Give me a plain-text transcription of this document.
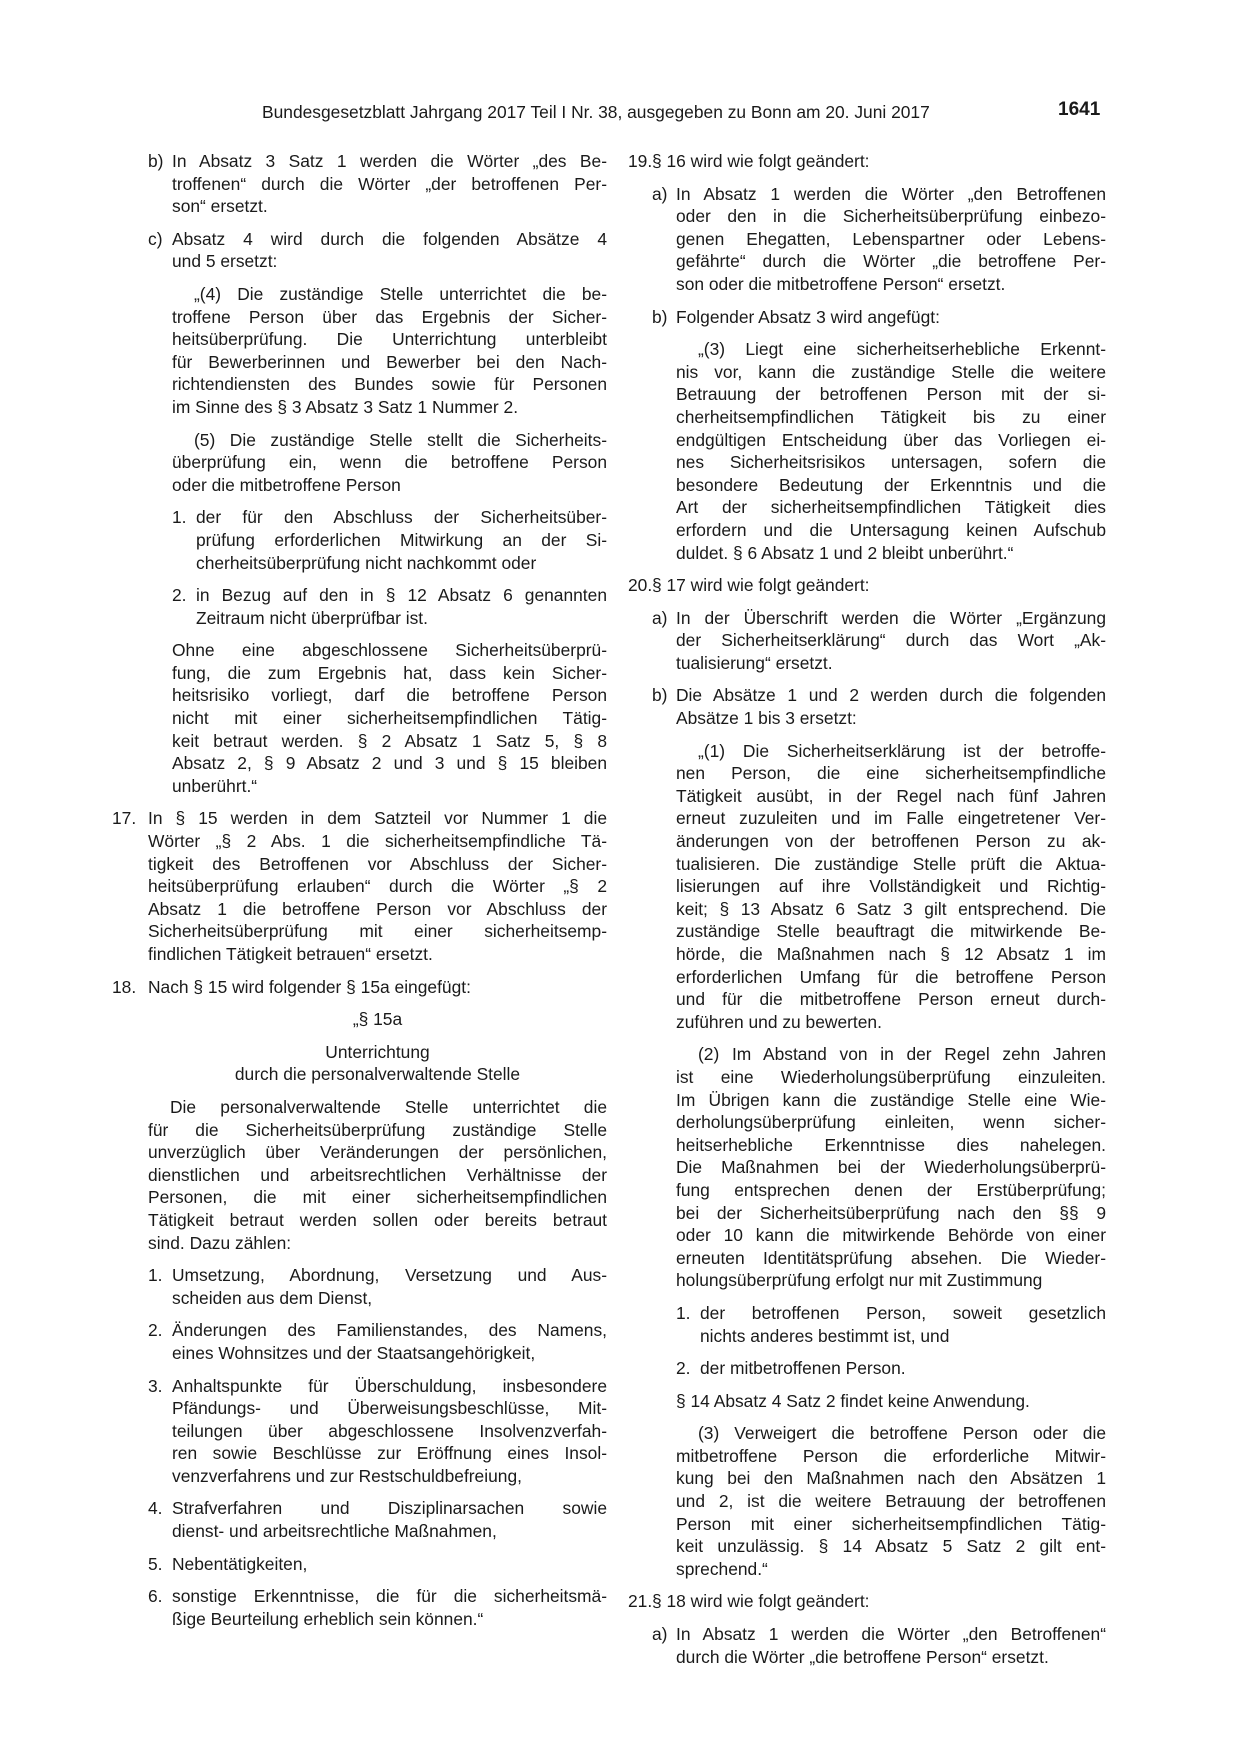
Bundesgesetzblatt Jahrgang 2017 Teil I Nr. 38, ausgegeben zu Bonn am 20. Juni 2017	1641
b) In Absatz 3 Satz 1 werden die Wörter „des Be-
troffenen“ durch die Wörter „der betroffenen Per-
son“ ersetzt.
c) Absatz 4 wird durch die folgenden Absätze 4
und 5 ersetzt:
„(4) Die zuständige Stelle unterrichtet die be-
troffene Person über das Ergebnis der Sicher-
heitsüberprüfung. Die Unterrichtung unterbleibt
für Bewerberinnen und Bewerber bei den Nach-
richtendiensten des Bundes sowie für Personen
im Sinne des § 3 Absatz 3 Satz 1 Nummer 2.
(5) Die zuständige Stelle stellt die Sicherheits-
überprüfung ein, wenn die betroffene Person
oder die mitbetroffene Person
1. der für den Abschluss der Sicherheitsüber-
prüfung erforderlichen Mitwirkung an der Si-
cherheitsüberprüfung nicht nachkommt oder
2. in Bezug auf den in § 12 Absatz 6 genannten
Zeitraum nicht überprüfbar ist.
Ohne eine abgeschlossene Sicherheitsüberprü-
fung, die zum Ergebnis hat, dass kein Sicher-
heitsrisiko vorliegt, darf die betroffene Person
nicht mit einer sicherheitsempfindlichen Tätig-
keit betraut werden. § 2 Absatz 1 Satz 5, § 8
Absatz 2, § 9 Absatz 2 und 3 und § 15 bleiben
unberührt.“
17. In § 15 werden in dem Satzteil vor Nummer 1 die
Wörter „§ 2 Abs. 1 die sicherheitsempfindliche Tä-
tigkeit des Betroffenen vor Abschluss der Sicher-
heitsüberprüfung erlauben“ durch die Wörter „§ 2
Absatz 1 die betroffene Person vor Abschluss der
Sicherheitsüberprüfung mit einer sicherheitsemp-
findlichen Tätigkeit betrauen“ ersetzt.
18. Nach § 15 wird folgender § 15a eingefügt:
„§ 15a
Unterrichtung
durch die personalverwaltende Stelle
Die personalverwaltende Stelle unterrichtet die
für die Sicherheitsüberprüfung zuständige Stelle
unverzüglich über Veränderungen der persönlichen,
dienstlichen und arbeitsrechtlichen Verhältnisse der
Personen, die mit einer sicherheitsempfindlichen
Tätigkeit betraut werden sollen oder bereits betraut
sind. Dazu zählen:
1. Umsetzung, Abordnung, Versetzung und Aus-
scheiden aus dem Dienst,
2. Änderungen des Familienstandes, des Namens,
eines Wohnsitzes und der Staatsangehörigkeit,
3. Anhaltspunkte für Überschuldung, insbesondere
Pfändungs- und Überweisungsbeschlüsse, Mit-
teilungen über abgeschlossene Insolvenzverfah-
ren sowie Beschlüsse zur Eröffnung eines Insol-
venzverfahrens und zur Restschuldbefreiung,
4. Strafverfahren und Disziplinarsachen sowie
dienst- und arbeitsrechtliche Maßnahmen,
5. Nebentätigkeiten,
6. sonstige Erkenntnisse, die für die sicherheitsmä-
ßige Beurteilung erheblich sein können.“
19. § 16 wird wie folgt geändert:
a) In Absatz 1 werden die Wörter „den Betroffenen
oder den in die Sicherheitsüberprüfung einbezo-
genen Ehegatten, Lebenspartner oder Lebens-
gefährte“ durch die Wörter „die betroffene Per-
son oder die mitbetroffene Person“ ersetzt.
b) Folgender Absatz 3 wird angefügt:
„(3) Liegt eine sicherheitserhebliche Erkennt-
nis vor, kann die zuständige Stelle die weitere
Betrauung der betroffenen Person mit der si-
cherheitsempfindlichen Tätigkeit bis zu einer
endgültigen Entscheidung über das Vorliegen ei-
nes Sicherheitsrisikos untersagen, sofern die
besondere Bedeutung der Erkenntnis und die
Art der sicherheitsempfindlichen Tätigkeit dies
erfordern und die Untersagung keinen Aufschub
duldet. § 6 Absatz 1 und 2 bleibt unberührt.“
20. § 17 wird wie folgt geändert:
a) In der Überschrift werden die Wörter „Ergänzung
der Sicherheitserklärung“ durch das Wort „Ak-
tualisierung“ ersetzt.
b) Die Absätze 1 und 2 werden durch die folgenden
Absätze 1 bis 3 ersetzt:
„(1) Die Sicherheitserklärung ist der betroffe-
nen Person, die eine sicherheitsempfindliche
Tätigkeit ausübt, in der Regel nach fünf Jahren
erneut zuzuleiten und im Falle eingetretener Ver-
änderungen von der betroffenen Person zu ak-
tualisieren. Die zuständige Stelle prüft die Aktua-
lisierungen auf ihre Vollständigkeit und Richtig-
keit; § 13 Absatz 6 Satz 3 gilt entsprechend. Die
zuständige Stelle beauftragt die mitwirkende Be-
hörde, die Maßnahmen nach § 12 Absatz 1 im
erforderlichen Umfang für die betroffene Person
und für die mitbetroffene Person erneut durch-
zuführen und zu bewerten.
(2) Im Abstand von in der Regel zehn Jahren
ist eine Wiederholungsüberprüfung einzuleiten.
Im Übrigen kann die zuständige Stelle eine Wie-
derholungsüberprüfung einleiten, wenn sicher-
heitserhebliche Erkenntnisse dies nahelegen.
Die Maßnahmen bei der Wiederholungsüberprü-
fung entsprechen denen der Erstüberprüfung;
bei der Sicherheitsüberprüfung nach den §§ 9
oder 10 kann die mitwirkende Behörde von einer
erneuten Identitätsprüfung absehen. Die Wieder-
holungsüberprüfung erfolgt nur mit Zustimmung
1. der betroffenen Person, soweit gesetzlich
nichts anderes bestimmt ist, und
2. der mitbetroffenen Person.
§ 14 Absatz 4 Satz 2 findet keine Anwendung.
(3) Verweigert die betroffene Person oder die
mitbetroffene Person die erforderliche Mitwir-
kung bei den Maßnahmen nach den Absätzen 1
und 2, ist die weitere Betrauung der betroffenen
Person mit einer sicherheitsempfindlichen Tätig-
keit unzulässig. § 14 Absatz 5 Satz 2 gilt ent-
sprechend.“
21. § 18 wird wie folgt geändert:
a) In Absatz 1 werden die Wörter „den Betroffenen“
durch die Wörter „die betroffene Person“ ersetzt.
